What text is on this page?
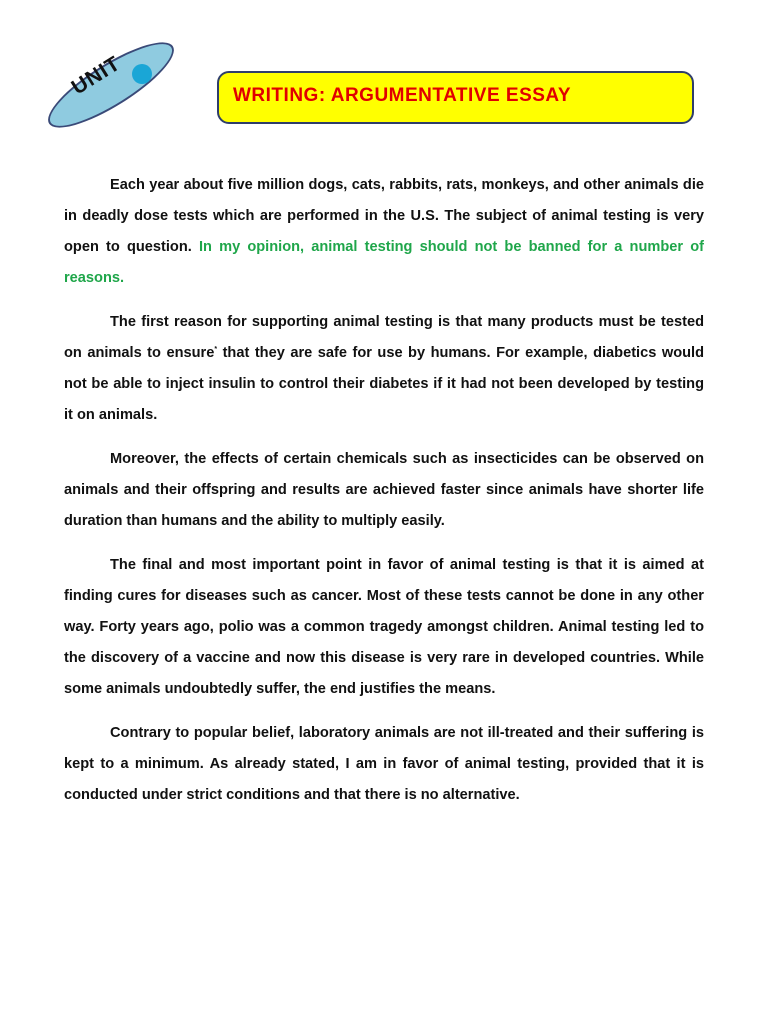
UNIT	WRITING: ARGUMENTATIVE ESSAY

Each year about five million dogs, cats, rabbits, rats, monkeys, and other animals die in deadly dose tests which are performed in the U.S. The subject of animal testing is very open to question. In my opinion, animal testing should not be banned for a number of reasons.

The first reason for supporting animal testing is that many products must be tested on animals to ensure* that they are safe for use by humans. For example, diabetics would not be able to inject insulin to control their diabetes if it had not been developed by testing it on animals.

Moreover, the effects of certain chemicals such as insecticides can be observed on animals and their offspring and results are achieved faster since animals have shorter life duration than humans and the ability to multiply easily.

The final and most important point in favor of animal testing is that it is aimed at finding cures for diseases such as cancer. Most of these tests cannot be done in any other way. Forty years ago, polio was a common tragedy amongst children. Animal testing led to the discovery of a vaccine and now this disease is very rare in developed countries. While some animals undoubtedly suffer, the end justifies the means.

Contrary to popular belief, laboratory animals are not ill-treated and their suffering is kept to a minimum. As already stated, I am in favor of animal testing, provided that it is conducted under strict conditions and that there is no alternative.
